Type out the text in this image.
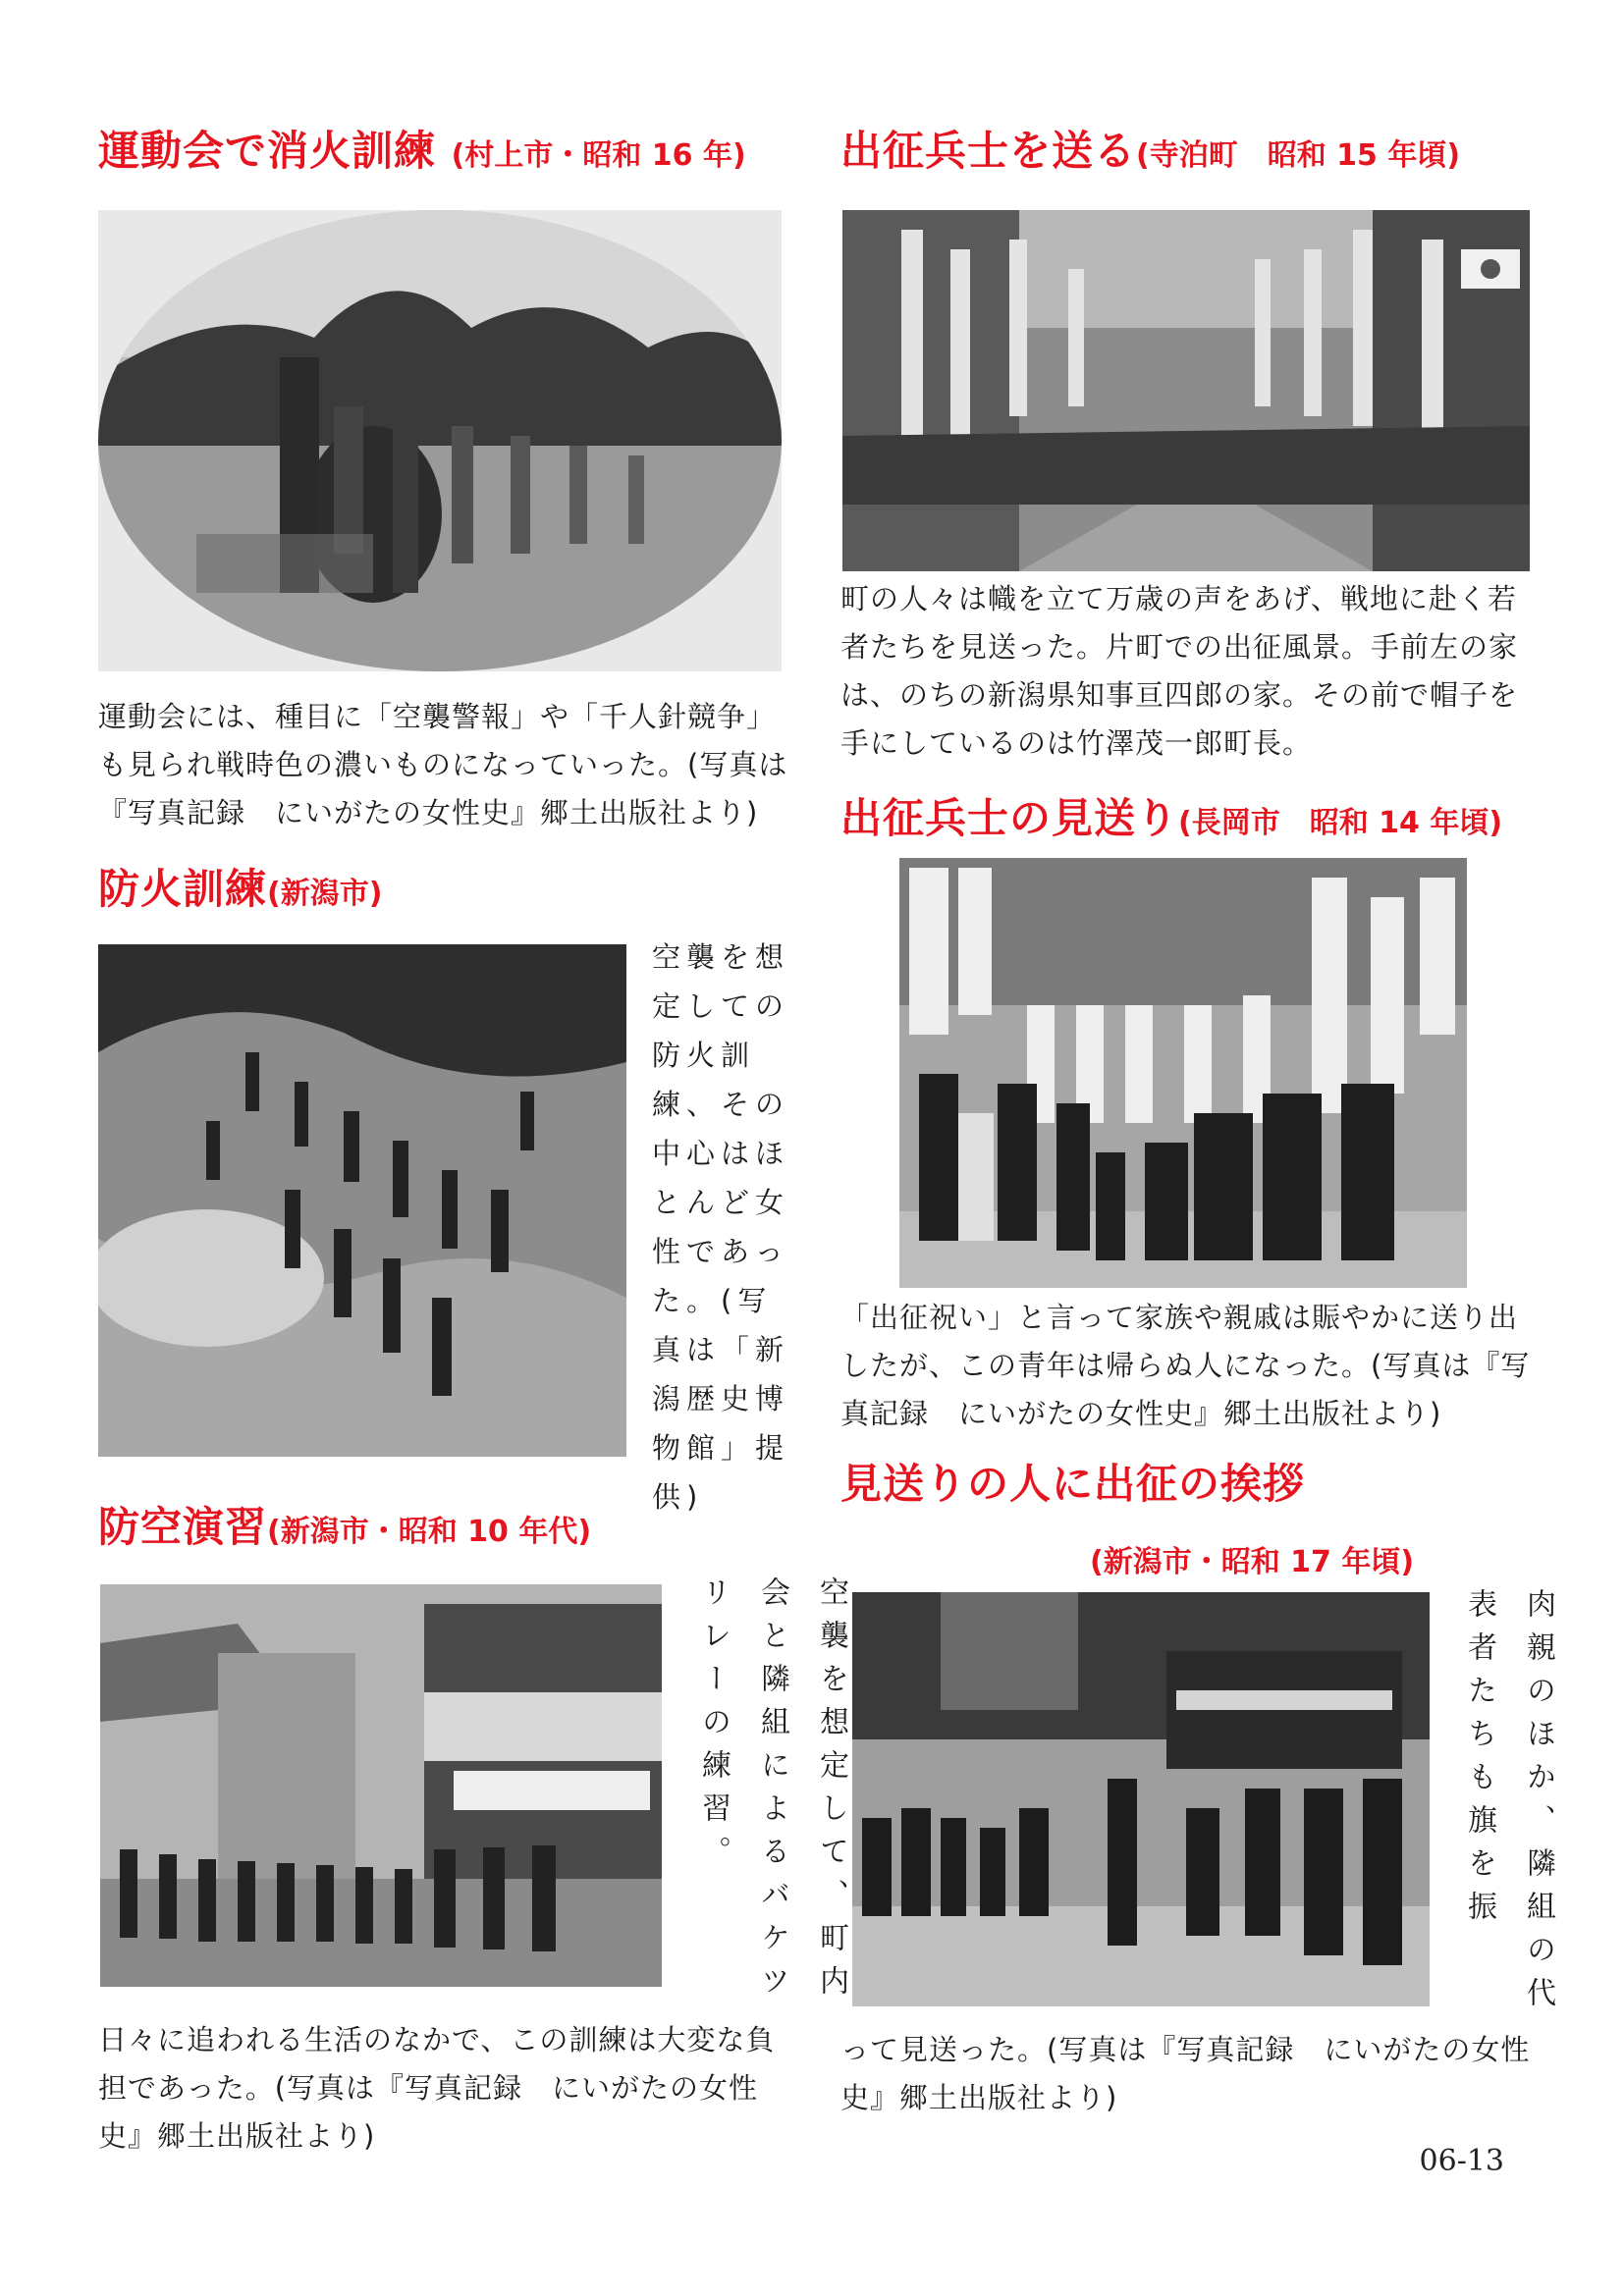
運動会で消火訓練 (村上市・昭和 16 年)

運動会には、種目に「空襲警報」や「千人針競争」も見られ戦時色の濃いものになっていった。(写真は『写真記録　にいがたの女性史』郷土出版社より)

防火訓練(新潟市)

空襲を想定しての防火訓練、その中心はほとんど女性であった。(写真は「新潟歴史博物館」提供)

防空演習(新潟市・昭和 10 年代)

空襲を想定して、町内会と隣組によるバケツリレーの練習。

日々に追われる生活のなかで、この訓練は大変な負担であった。(写真は『写真記録　にいがたの女性史』郷土出版社より)

出征兵士を送る(寺泊町　昭和 15 年頃)

町の人々は幟を立て万歳の声をあげ、戦地に赴く若者たちを見送った。片町での出征風景。手前左の家は、のちの新潟県知事亘四郎の家。その前で帽子を手にしているのは竹澤茂一郎町長。

出征兵士の見送り(長岡市　昭和 14 年頃)

「出征祝い」と言って家族や親戚は賑やかに送り出したが、この青年は帰らぬ人になった。(写真は『写真記録　にいがたの女性史』郷土出版社より)

見送りの人に出征の挨拶
(新潟市・昭和 17 年頃)

肉親のほか、隣組の代表者たちも旗を振

って見送った。(写真は『写真記録　にいがたの女性史』郷土出版社より)

06-13
